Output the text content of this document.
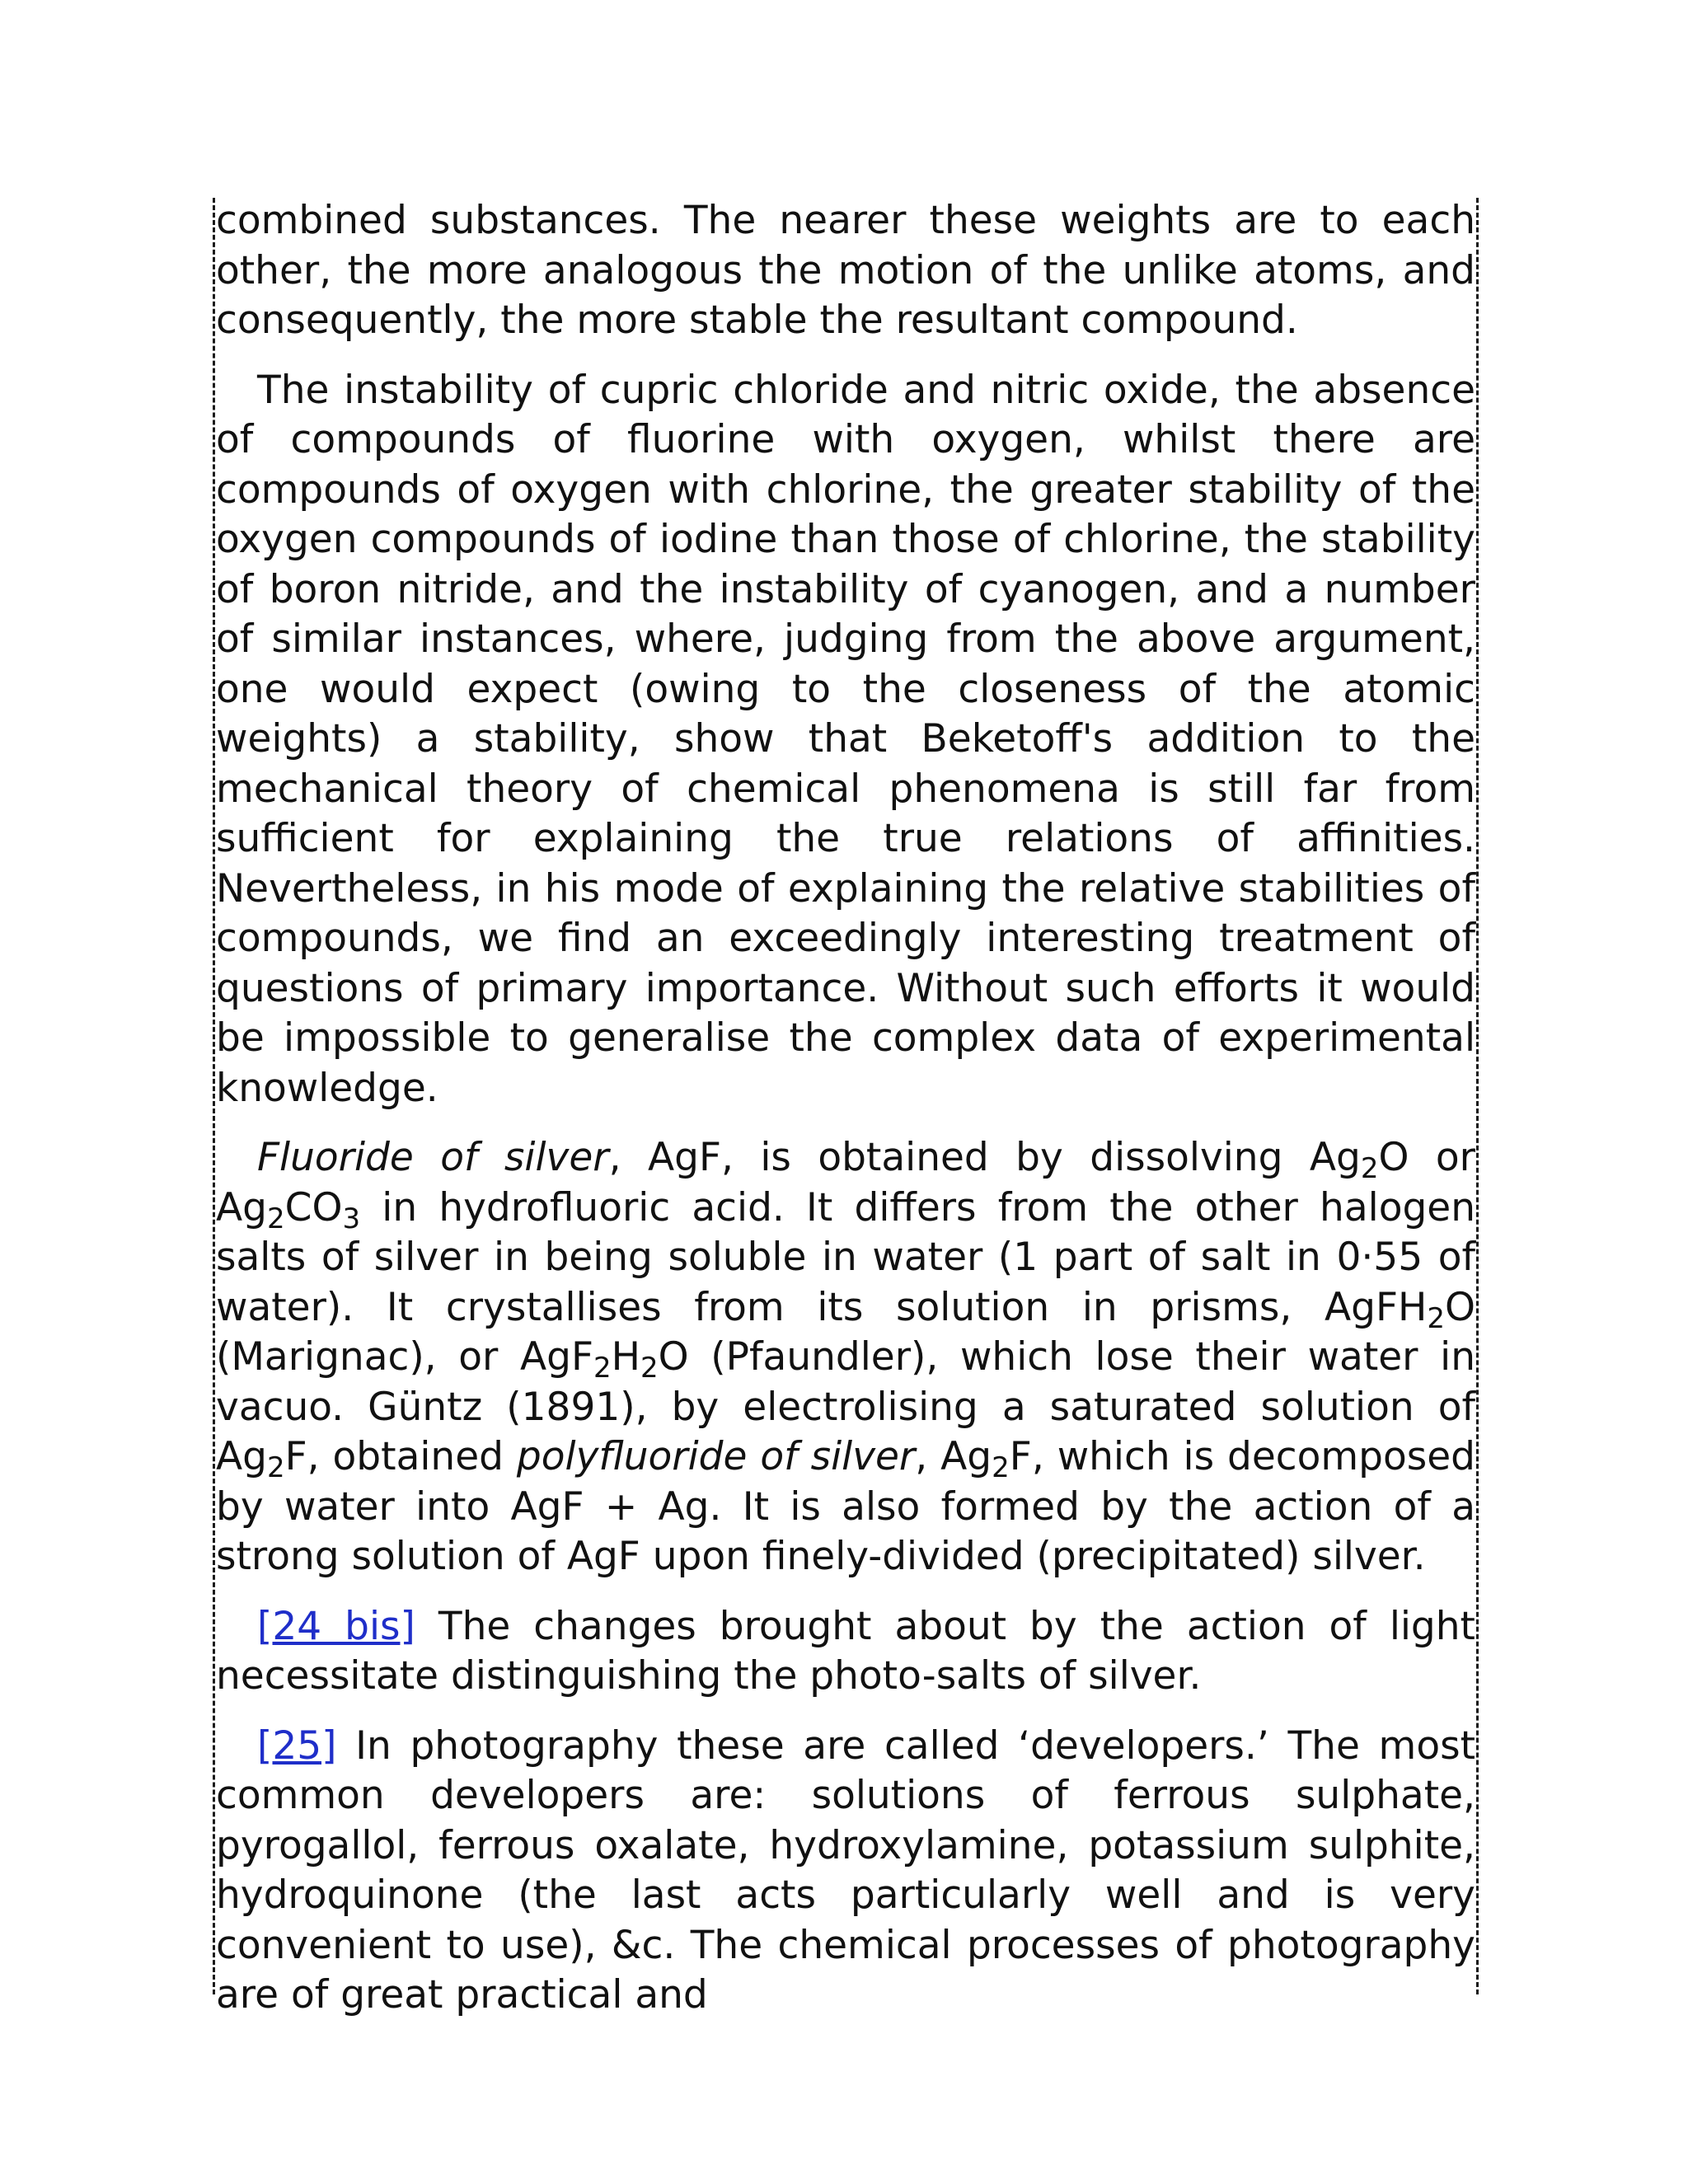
combined substances. The nearer these weights are to each other, the more analogous the motion of the unlike atoms, and consequently, the more stable the resultant compound.

The instability of cupric chloride and nitric oxide, the absence of compounds of fluorine with oxygen, whilst there are compounds of oxygen with chlorine, the greater stability of the oxygen compounds of iodine than those of chlorine, the stability of boron nitride, and the instability of cyanogen, and a number of similar instances, where, judging from the above argument, one would expect (owing to the closeness of the atomic weights) a stability, show that Beketoff's addition to the mechanical theory of chemical phenomena is still far from sufficient for explaining the true relations of affinities. Nevertheless, in his mode of explaining the relative stabilities of compounds, we find an exceedingly interesting treatment of questions of primary importance. Without such efforts it would be impossible to generalise the complex data of experimental knowledge.

Fluoride of silver, AgF, is obtained by dissolving $Ag_2O$ or $Ag_2CO_3$ in hydrofluoric acid. It differs from the other halogen salts of silver in being soluble in water (1 part of salt in 0·55 of water). It crystallises from its solution in prisms, AgFH$_2$O (Marignac), or $AgF_2H_2O$ (Pfaundler), which lose their water in vacuo. Güntz (1891), by electrolising a saturated solution of $Ag_2F$, obtained polyfluoride of silver, $Ag_2F$, which is decomposed by water into AgF + Ag. It is also formed by the action of a strong solution of AgF upon finely-divided (precipitated) silver.

[24 bis] The changes brought about by the action of light necessitate distinguishing the photo-salts of silver.

[25] In photography these are called ‘developers.’ The most common developers are: solutions of ferrous sulphate, pyrogallol, ferrous oxalate, hydroxylamine, potassium sulphite, hydroquinone (the last acts particularly well and is very convenient to use), &c. The chemical processes of photography are of great practical and
